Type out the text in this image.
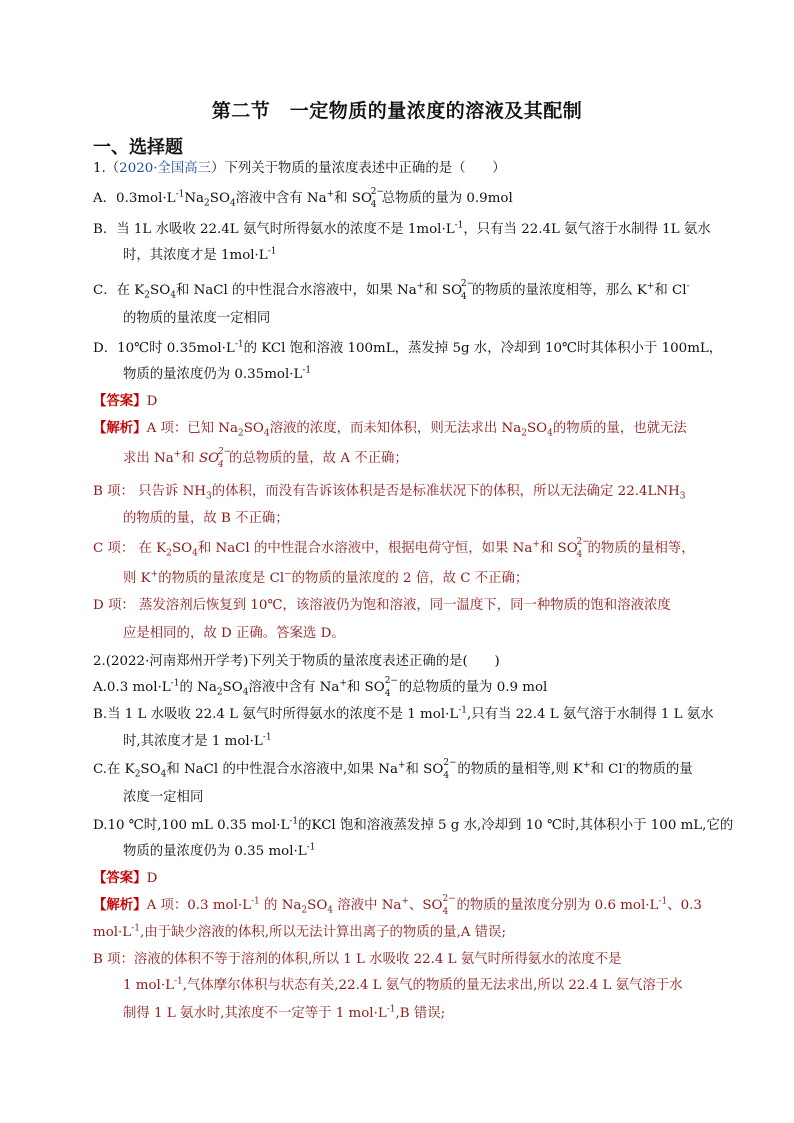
第二节　一定物质的量浓度的溶液及其配制
一、选择题
1.（2020·全国高三）下列关于物质的量浓度表述中正确的是（　　）
A．$0.3mol\cdot L^{-1}Na_2SO_4$溶液中含有 Na+和 SO
2−
4 总物质的量为 0.9mol
B．当 1L 水吸收 22.4L 氨气时所得氨水的浓度不是 $1mol\cdot L^{-1}$，只有当 22.4L 氨气溶于水制得 1L 氨水
时，其浓度才是 $1mol\cdot L^{-1}$
C．在 $K_2SO_4$和 NaCl 的中性混合水溶液中，如果 Na+和 SO
2−
4 的物质的量浓度相等，那么 K+和 Cl-
的物质的量浓度一定相同
D．10℃时 $0.35mol\cdot L^{-1}$的 KCl 饱和溶液 100mL，蒸发掉 5g 水，冷却到 10℃时其体积小于 100mL，
物质的量浓度仍为 $0.35mol\cdot L^{-1}$
【答案】D
【解析】A 项：已知 $Na_2SO_4$溶液的浓度，而未知体积，则无法求出 $Na_2SO_4$的物质的量，也就无法
求出 Na+和 SO
2−
4 的总物质的量，故 A 不正确；
B 项： 只告诉 $NH_3$的体积，而没有告诉该体积是否是标准状况下的体积，所以无法确定 $22.4LNH_3$
的物质的量，故 B 不正确；
C 项： 在 $K_2SO_4$和 NaCl 的中性混合水溶液中，根据电荷守恒，如果 Na+和 SO
2−
4 的物质的量相等，
则 K+的物质的量浓度是 Cl−的物质的量浓度的 2 倍，故 C 不正确；
D 项： 蒸发溶剂后恢复到 10℃，该溶液仍为饱和溶液，同一温度下，同一种物质的饱和溶液浓度
应是相同的，故 D 正确。答案选 D。
2.(2022·河南郑州开学考)下列关于物质的量浓度表述正确的是(　　)
A.0.3 $mol\cdot L^{-1}$的 $Na_2SO_4$溶液中含有 Na+和 SO 2−
4 的总物质的量为 0.9 mol
B.当 1 L 水吸收 22.4 L 氨气时所得氨水的浓度不是 1 $mol\cdot L^{-1}$,只有当 22.4 L 氨气溶于水制得 1 L 氨水
时,其浓度才是 1 $mol\cdot L^{-1}$
C.在 $K_2SO_4$和 NaCl 的中性混合水溶液中,如果 Na+和 SO 2−
4 的物质的量相等,则 K+和 Cl-的物质的量
浓度一定相同
D.10 ℃时,100 mL 0.35 $mol\cdot L^{-1}$的KCl 饱和溶液蒸发掉 5 g 水,冷却到 10 ℃时,其体积小于 100 mL,它的
物质的量浓度仍为 0.35 $mol\cdot L^{-1}$
【答案】D
【解析】A 项：0.3 $mol\cdot L^{-1}$ 的 $Na_2SO_4$ 溶液中 Na+、SO 2−
4 的物质的量浓度分别为 0.6 $mol\cdot L^{-1}$、0.3
$mol\cdot L^{-1}$,由于缺少溶液的体积,所以无法计算出离子的物质的量,A 错误;
B 项：溶液的体积不等于溶剂的体积,所以 1 L 水吸收 22.4 L 氨气时所得氨水的浓度不是
1 $mol\cdot L^{-1}$,气体摩尔体积与状态有关,22.4 L 氨气的物质的量无法求出,所以 22.4 L 氨气溶于水
制得 1 L 氨水时,其浓度不一定等于 1 $mol\cdot L^{-1},B$ 错误;
